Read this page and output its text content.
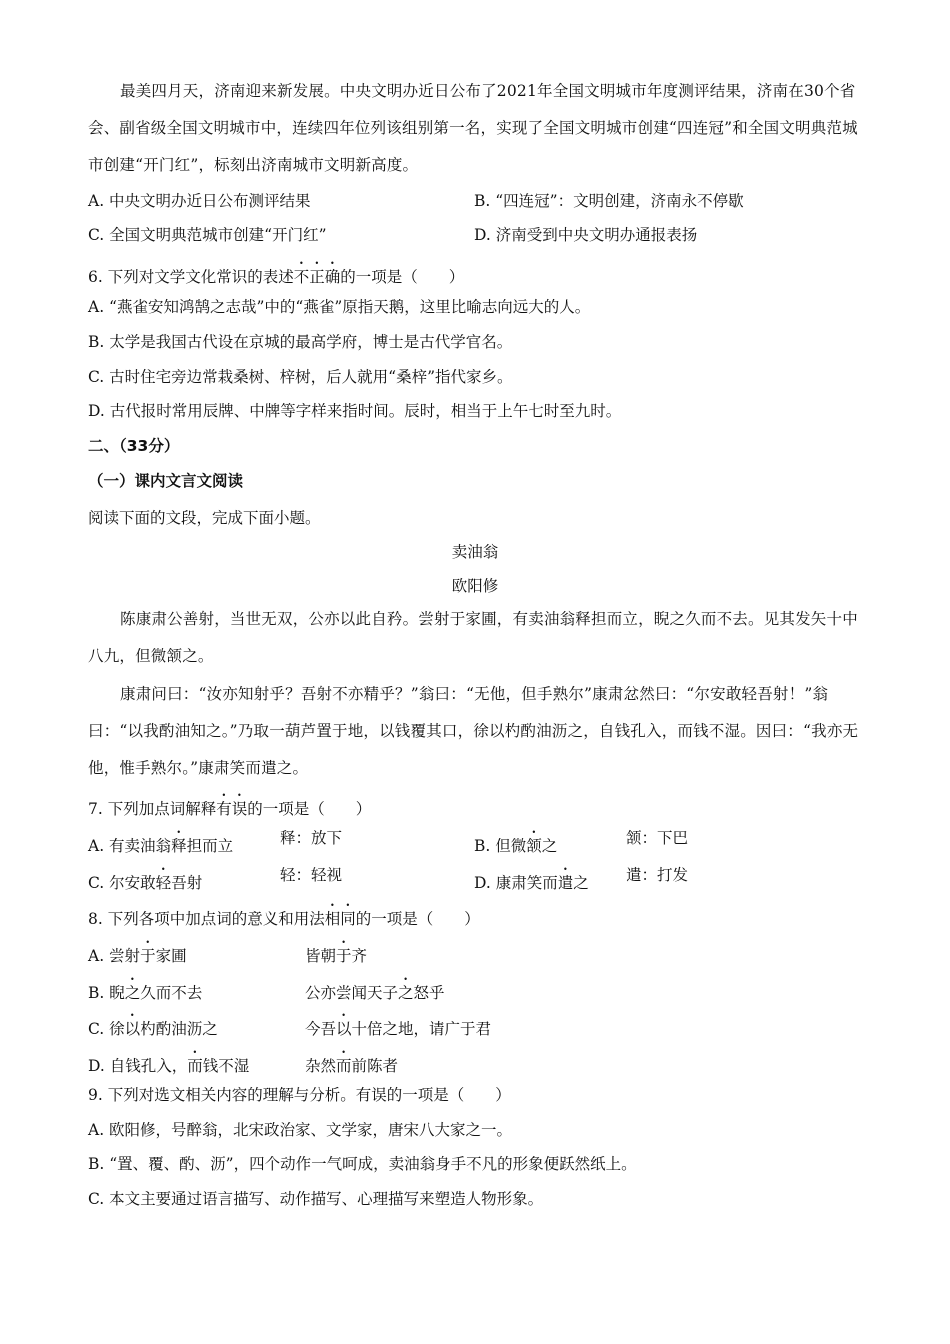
最美四月天，济南迎来新发展。中央文明办近日公布了2021年全国文明城市年度测评结果，济南在30个省会、副省级全国文明城市中，连续四年位列该组别第一名，实现了全国文明城市创建“四连冠”和全国文明典范城市创建“开门红”，标刻出济南城市文明新高度。
A. 中央文明办近日公布测评结果	B. “四连冠”：文明创建，济南永不停歇
C. 全国文明典范城市创建“开门红”	D. 济南受到中央文明办通报表扬
6. 下列对文学文化常识的表述不正确的一项是（　　）
A. “燕雀安知鸿鹄之志哉”中的“燕雀”原指天鹅，这里比喻志向远大的人。
B. 太学是我国古代设在京城的最高学府，博士是古代学官名。
C. 古时住宅旁边常栽桑树、梓树，后人就用“桑梓”指代家乡。
D. 古代报时常用辰牌、中牌等字样来指时间。辰时，相当于上午七时至九时。
二、（33分）
（一）课内文言文阅读
阅读下面的文段，完成下面小题。
卖油翁
欧阳修
陈康肃公善射，当世无双，公亦以此自矜。尝射于家圃，有卖油翁释担而立，睨之久而不去。见其发矢十中八九，但微颔之。
康肃问曰：“汝亦知射乎？吾射不亦精乎？”翁曰：“无他，但手熟尔”康肃忿然曰：“尔安敢轻吾射！”翁曰：“以我酌油知之。”乃取一葫芦置于地，以钱覆其口，徐以杓酌油沥之，自钱孔入，而钱不湿。因曰：“我亦无他，惟手熟尔。”康肃笑而遣之。
7. 下列加点词解释有误的一项是（　　）
A. 有卖油翁释担而立	释：放下	B. 但微颔之	颔：下巴
C. 尔安敢轻吾射	轻：轻视	D. 康肃笑而遣之 遣：打发
8. 下列各项中加点词的意义和用法相同的一项是（　　）
A. 尝射于家圃	皆朝于齐
B. 睨之久而不去	公亦尝闻天子之怒乎
C. 徐以杓酌油沥之	今吾以十倍之地，请广于君
D. 自钱孔入，而钱不湿	杂然而前陈者
9. 下列对选文相关内容的理解与分析。有误的一项是（　　）
A. 欧阳修，号醉翁，北宋政治家、文学家，唐宋八大家之一。
B. “置、覆、酌、沥”，四个动作一气呵成，卖油翁身手不凡的形象便跃然纸上。
C. 本文主要通过语言描写、动作描写、心理描写来塑造人物形象。
